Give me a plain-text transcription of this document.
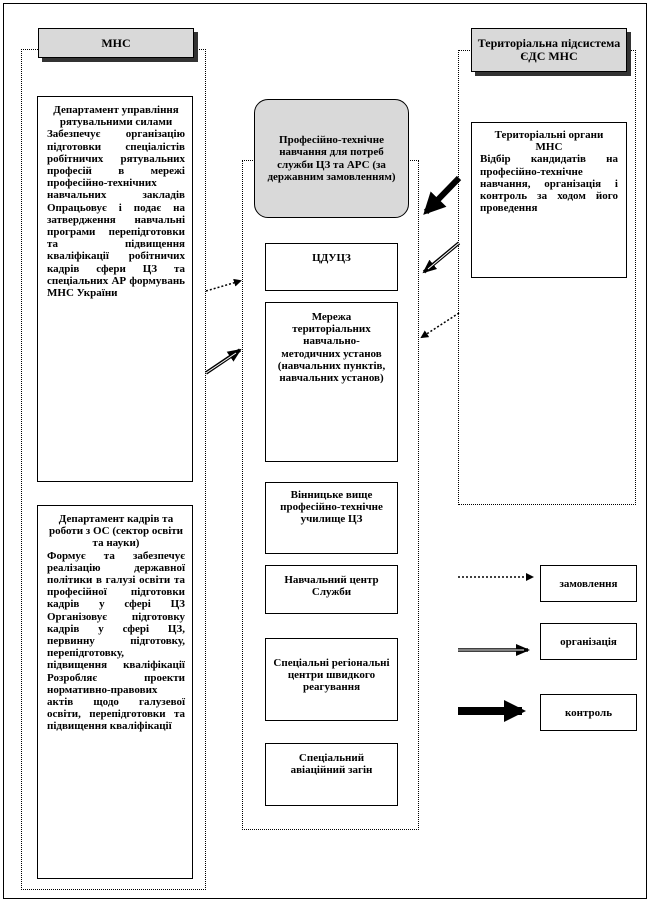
МНС	Територіальна підсистема ЄДС МНС
Департамент управління рятувальними силами
Забезпечує організацію підготовки спеціалістів робітничих рятувальних професій в мережі професійно-технічних навчальних закладів Опрацьовує і подає на затвердження навчальні програми перепідготовки та підвищення кваліфікації робітничих кадрів сфери ЦЗ та спеціальних АР формувань МНС України
Департамент кадрів та роботи з ОС (сектор освіти та науки)
Формує та забезпечує реалізацію державної політики в галузі освіти та професійної підготовки кадрів у сфері ЦЗ Організовує підготовку кадрів у сфері ЦЗ, первинну підготовку, перепідготовку, підвищення кваліфікації Розробляє проекти нормативно-правових актів щодо галузевої освіти, перепідготовки та підвищення кваліфікації
Професійно-технічне навчання для потреб служби ЦЗ та АРС (за державним замовленням)
ЦДУЦЗ
Мережа територіальних навчально-методичних установ (навчальних пунктів, навчальних установ)
Вінницьке вище професійно-технічне училище ЦЗ
Навчальний центр Служби
Спеціальні регіональні центри швидкого реагування
Спеціальний авіаційний загін
Територіальні органи МНС
Відбір кандидатів на професійно-технічне навчання, організація і контроль за ходом його проведення
замовлення
організація
контроль
